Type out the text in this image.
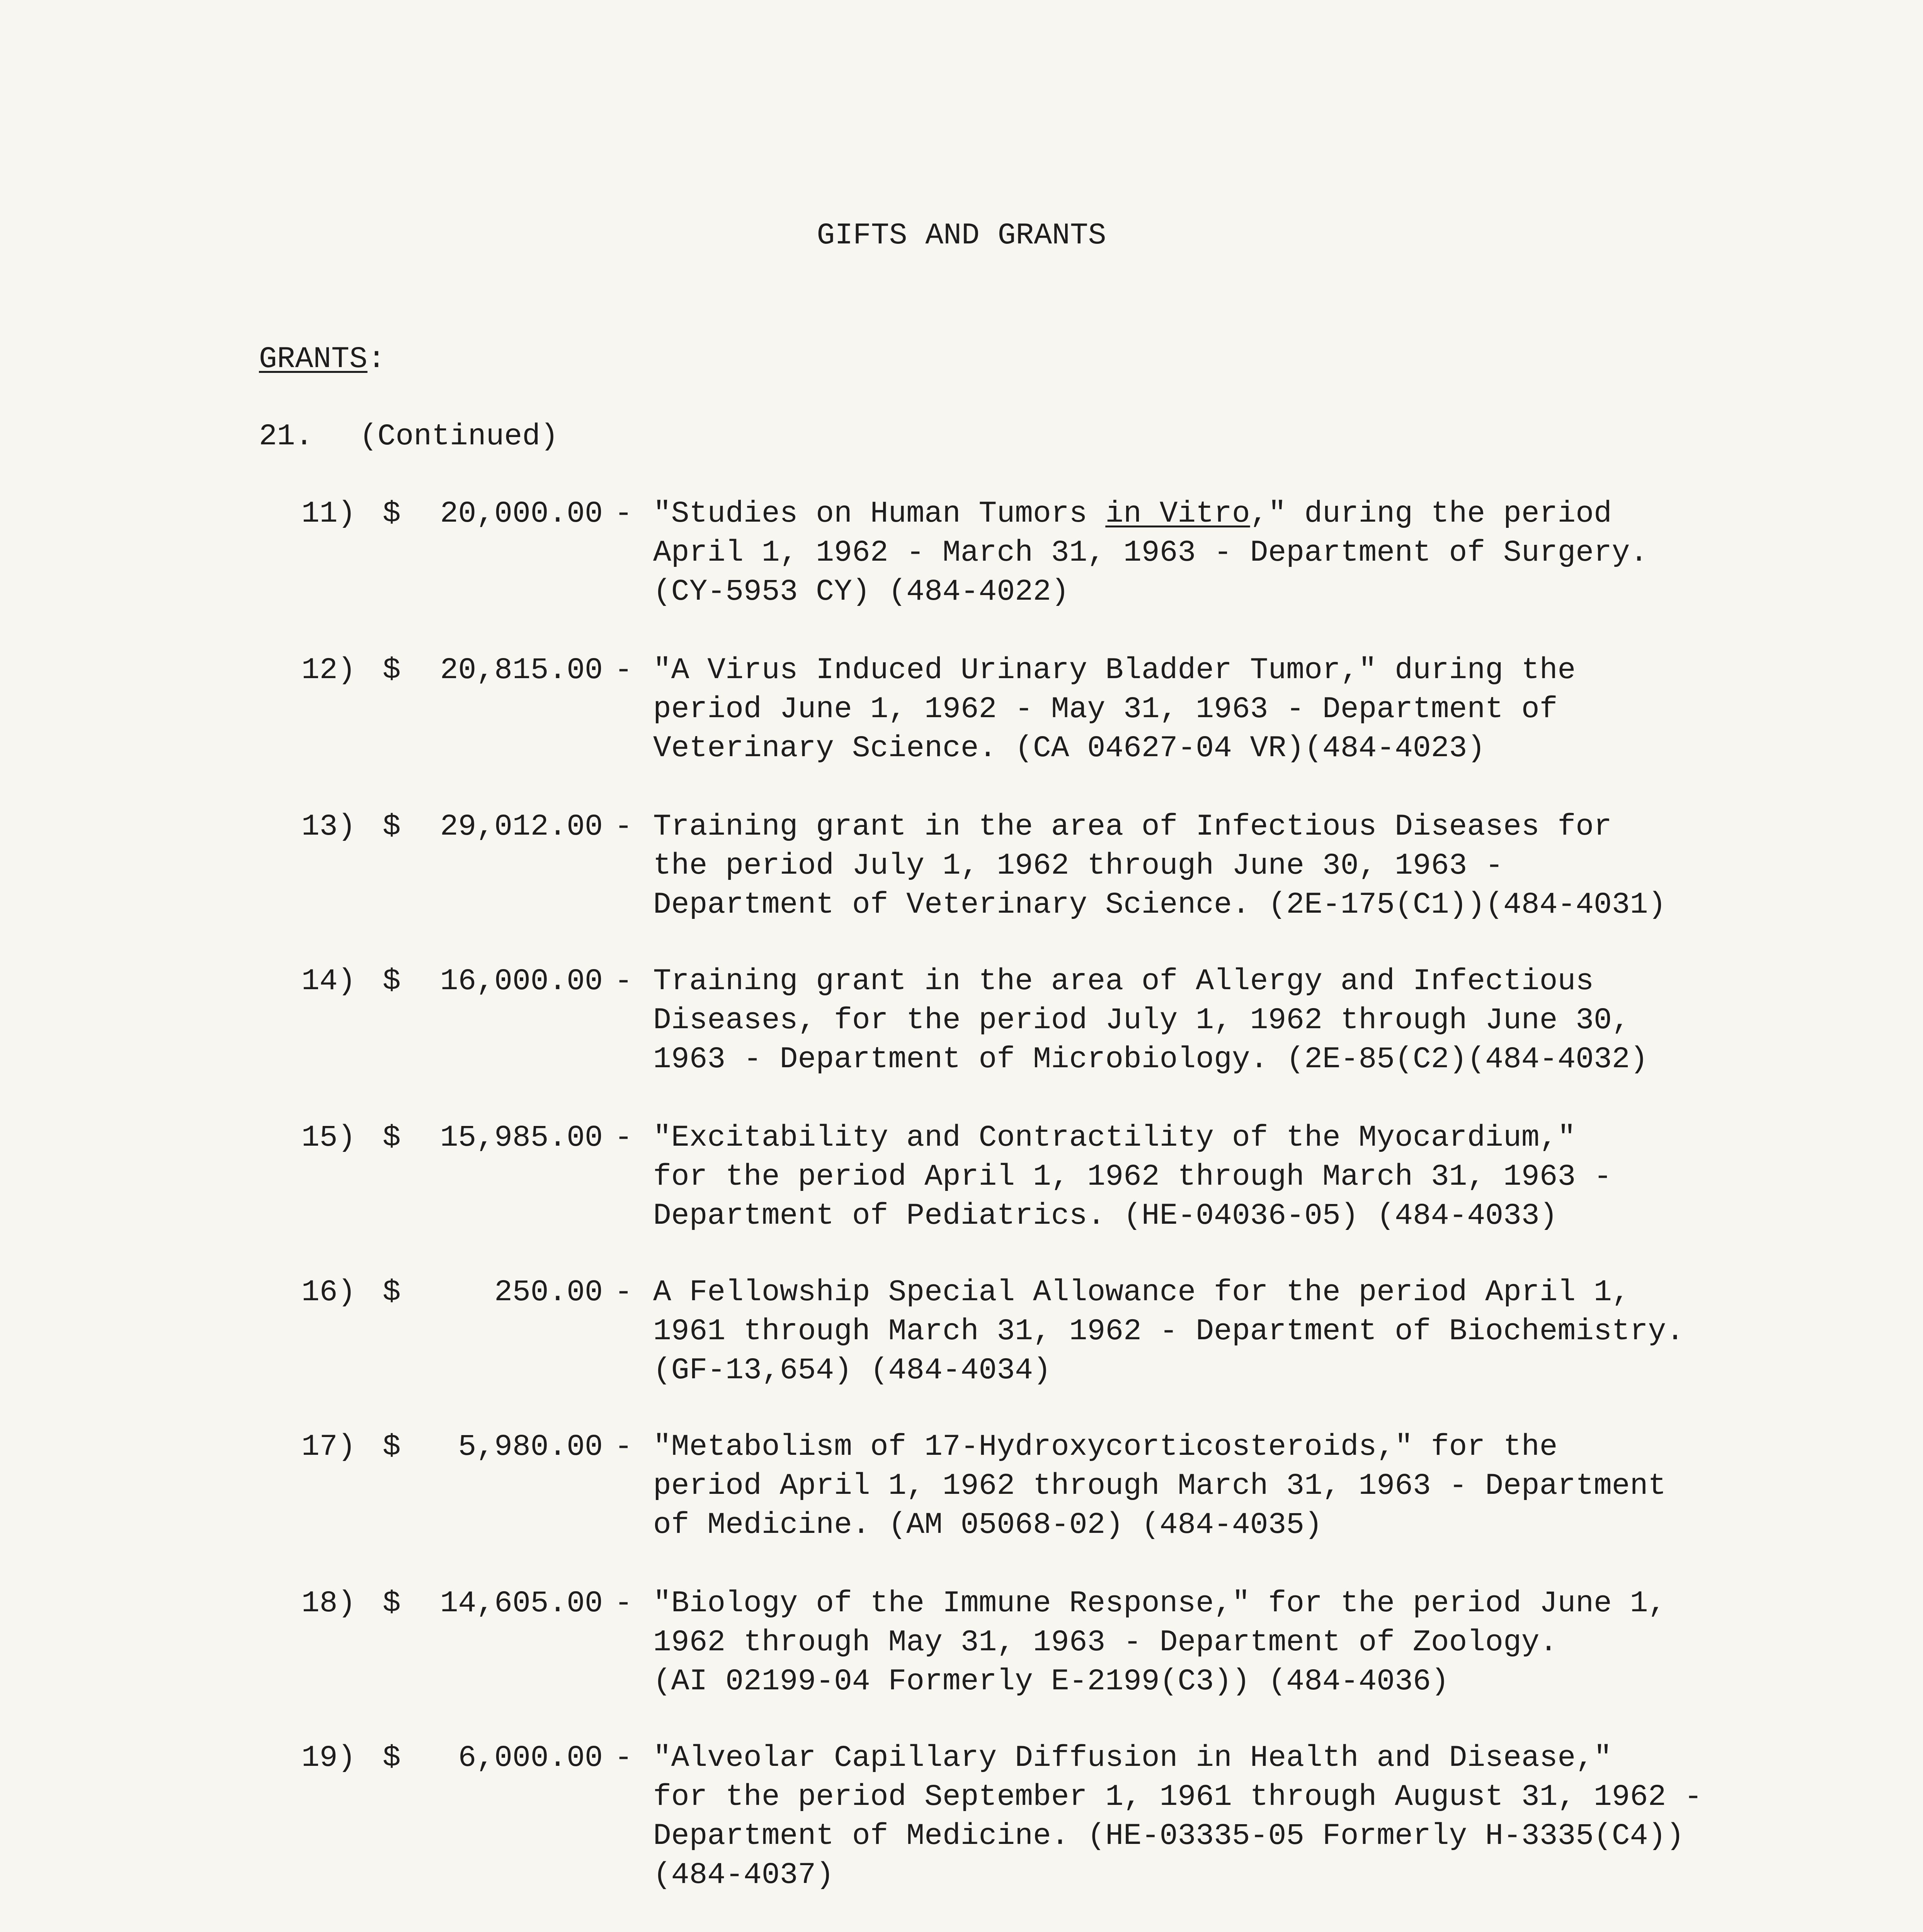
GIFTS AND GRANTS
GRANTS:
21. (Continued)
11) $	20,000.00 - "Studies on Human Tumors in Vitro," during the period
April 1, 1962 - March 31, 1963 - Department of Surgery.
(CY-5953 CY) (484-4022)
12) $	20,815.00 - "A Virus Induced Urinary Bladder Tumor," during the
period June 1, 1962 - May 31, 1963 - Department of
Veterinary Science. (CA 04627-04 VR)(484-4023)
13) $	29,012.00 - Training grant in the area of Infectious Diseases for
the period July 1, 1962 through June 30, 1963 -
Department of Veterinary Science. (2E-175(C1))(484-4031)
14) $	16,000.00 - Training grant in the area of Allergy and Infectious
Diseases, for the period July 1, 1962 through June 30,
1963 - Department of Microbiology. (2E-85(C2)(484-4032)
15) $	15,985.00 - "Excitability and Contractility of the Myocardium,"
for the period April 1, 1962 through March 31, 1963 -
Department of Pediatrics. (HE-04036-05) (484-4033)
16) $	250.00 - A Fellowship Special Allowance for the period April 1,
1961 through March 31, 1962 - Department of Biochemistry.
(GF-13,654) (484-4034)
17) $	5,980.00 - "Metabolism of 17-Hydroxycorticosteroids," for the
period April 1, 1962 through March 31, 1963 - Department
of Medicine. (AM 05068-02) (484-4035)
18) $	14,605.00 - "Biology of the Immune Response," for the period June 1,
1962 through May 31, 1963 - Department of Zoology.
(AI 02199-04 Formerly E-2199(C3)) (484-4036)
19) $	6,000.00 - "Alveolar Capillary Diffusion in Health and Disease,"
for the period September 1, 1961 through August 31, 1962 -
Department of Medicine. (HE-03335-05 Formerly H-3335(C4))
(484-4037)
